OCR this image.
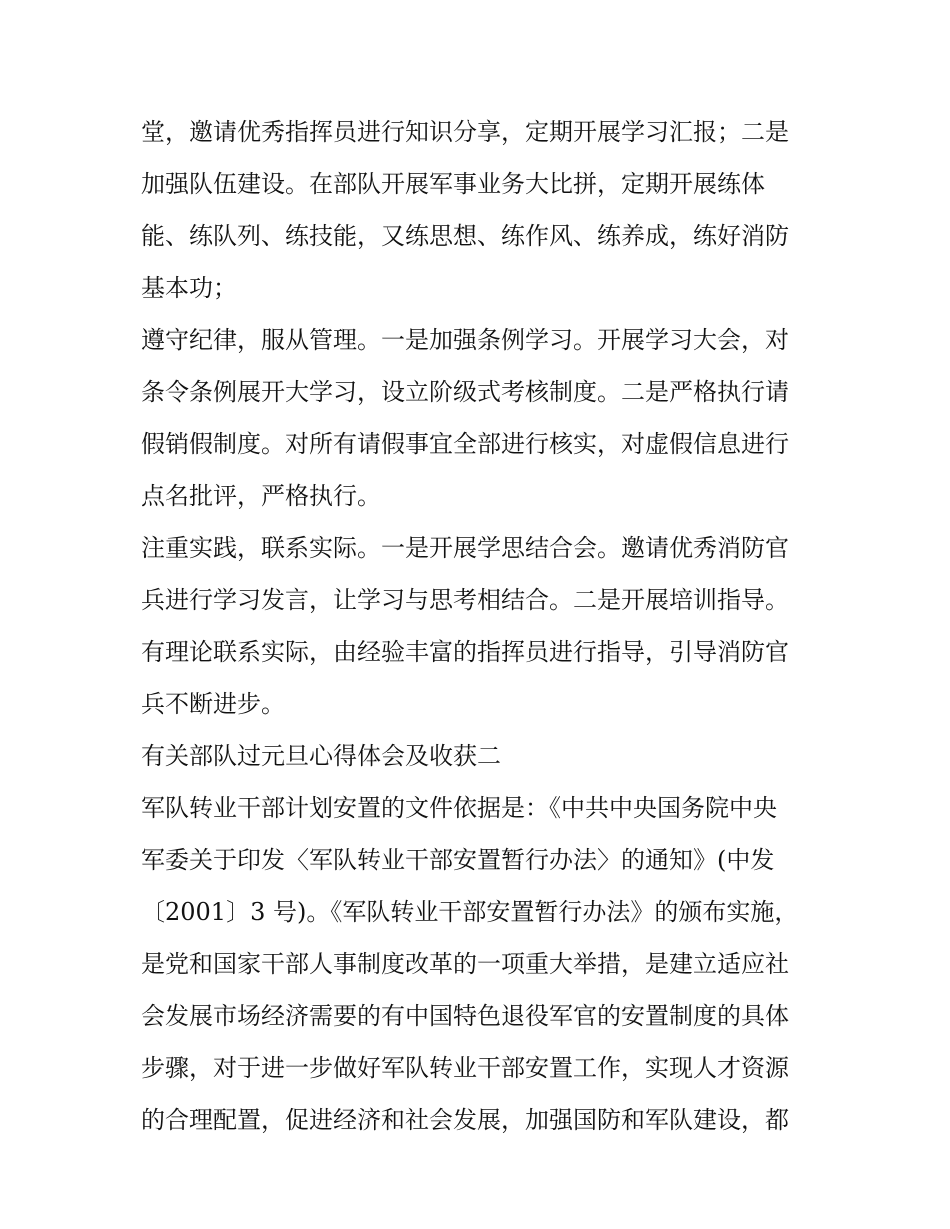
堂，邀请优秀指挥员进行知识分享，定期开展学习汇报；二是
加强队伍建设。在部队开展军事业务大比拼，定期开展练体
能、练队列、练技能，又练思想、练作风、练养成，练好消防
基本功；
遵守纪律，服从管理。一是加强条例学习。开展学习大会，对
条令条例展开大学习，设立阶级式考核制度。二是严格执行请
假销假制度。对所有请假事宜全部进行核实，对虚假信息进行
点名批评，严格执行。
注重实践，联系实际。一是开展学思结合会。邀请优秀消防官
兵进行学习发言，让学习与思考相结合。二是开展培训指导。
有理论联系实际，由经验丰富的指挥员进行指导，引导消防官
兵不断进步。
有关部队过元旦心得体会及收获二
军队转业干部计划安置的文件依据是：《中共中央国务院中央
军委关于印发〈军队转业干部安置暂行办法〉的通知》(中发
〔2001〕3 号)。《军队转业干部安置暂行办法》的颁布实施，
是党和国家干部人事制度改革的一项重大举措，是建立适应社
会发展市场经济需要的有中国特色退役军官的安置制度的具体
步骤，对于进一步做好军队转业干部安置工作，实现人才资源
的合理配置，促进经济和社会发展，加强国防和军队建设，都
